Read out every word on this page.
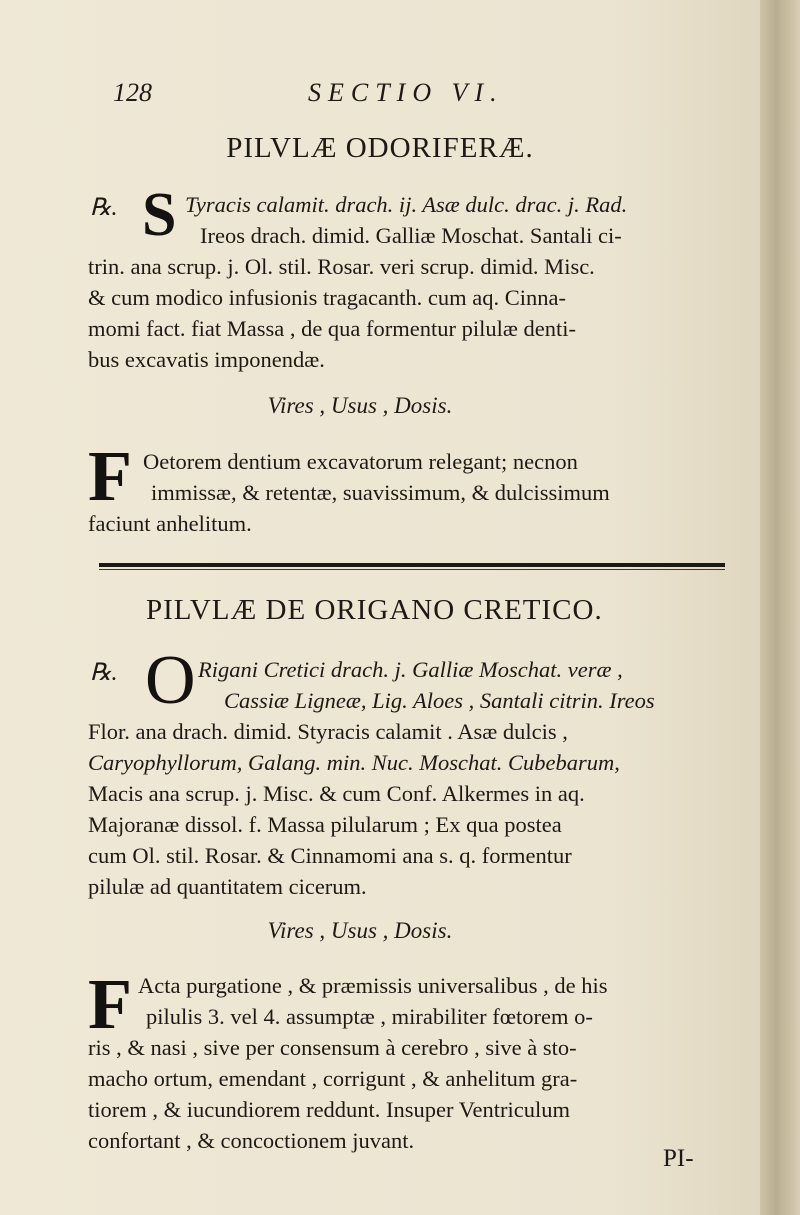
128	SECTIO VI.
PILVLÆ ODORIFERÆ.
℞. S Tyracis calamit. drach. ij. Asæ dulc. drac. j. Rad.
Ireos drach. dimid. Galliæ Moschat. Santali ci-
trin. ana scrup. j. Ol. stil. Rosar. veri scrup. dimid. Misc.
& cum modico infusionis tragacanth. cum aq. Cinna-
momi fact. fiat Massa , de qua formentur pilulæ denti-
bus excavatis imponendæ.
Vires , Usus , Dosis.
F Oetorem dentium excavatorum relegant; necnon
immissæ, & retentæ, suavissimum, & dulcissimum
faciunt anhelitum.
PILVLÆ DE ORIGANO CRETICO.
℞. O Rigani Cretici drach. j. Galliæ Moschat. veræ ,
Cassiæ Ligneæ, Lig. Aloes , Santali citrin. Ireos
Flor. ana drach. dimid. Styracis calamit . Asæ dulcis ,
Caryophyllorum, Galang. min. Nuc. Moschat. Cubebarum,
Macis ana scrup. j. Misc. & cum Conf. Alkermes in aq.
Majoranæ dissol. f. Massa pilularum ; Ex qua postea
cum Ol. stil. Rosar. & Cinnamomi ana s. q. formentur
pilulæ ad quantitatem cicerum.
Vires , Usus , Dosis.
F Acta purgatione , & præmissis universalibus , de his
pilulis 3. vel 4. assumptæ , mirabiliter fœtorem o-
ris , & nasi , sive per consensum à cerebro , sive à sto-
macho ortum, emendant , corrigunt , & anhelitum gra-
tiorem , & iucundiorem reddunt. Insuper Ventriculum
confortant , & concoctionem juvant.
PI-
